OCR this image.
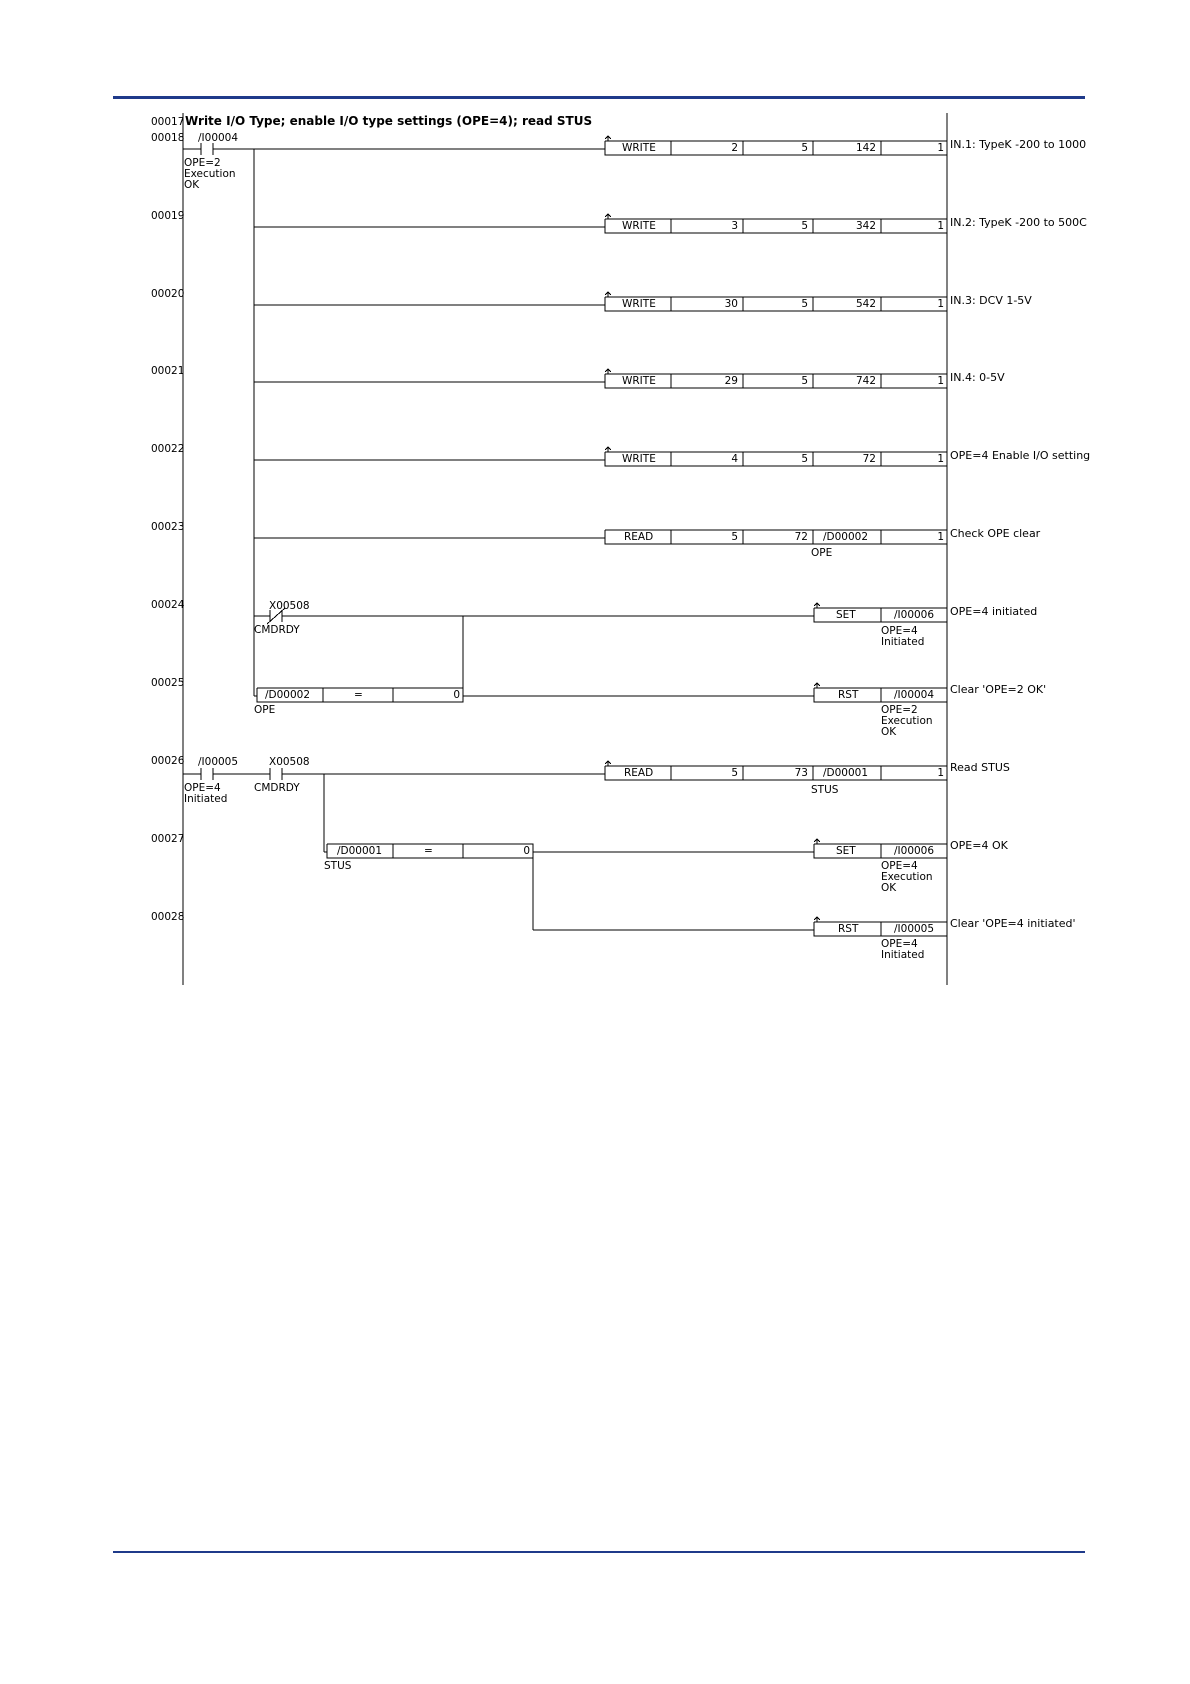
00017 Write I/O Type; enable I/O type settings (OPE=4); read STUS
00018
00019
00020
00021
00022
00023
00024
00025
00026
00027
00028
/I00004
OPE=2
Execution
OK
WRITE	2	5	142	1
WRITE	3	5	342	1
WRITE	30	5	542	1
WRITE	29	5	742	1
WRITE	4	5	72	1
READ	5	72 /D00002	1
OPE
X00508
CMDRDY
SET	/I00006
OPE=4
Initiated
/D00002	=	0
OPE
RST	/I00004
OPE=2
Execution
OK
/I00005
OPE=4
Initiated
X00508
CMDRDY
READ	5	73 /D00001	1
STUS
/D00001	=	0
STUS
SET	/I00006
OPE=4
Execution
OK
RST	/I00005
OPE=4
Initiated
IN.1: TypeK -200 to 1000
IN.2: TypeK -200 to 500C
IN.3: DCV 1-5V
IN.4: 0-5V
OPE=4 Enable I/O setting
Check OPE clear
OPE=4 initiated
Clear 'OPE=2 OK'
Read STUS
OPE=4 OK
Clear 'OPE=4 initiated'
